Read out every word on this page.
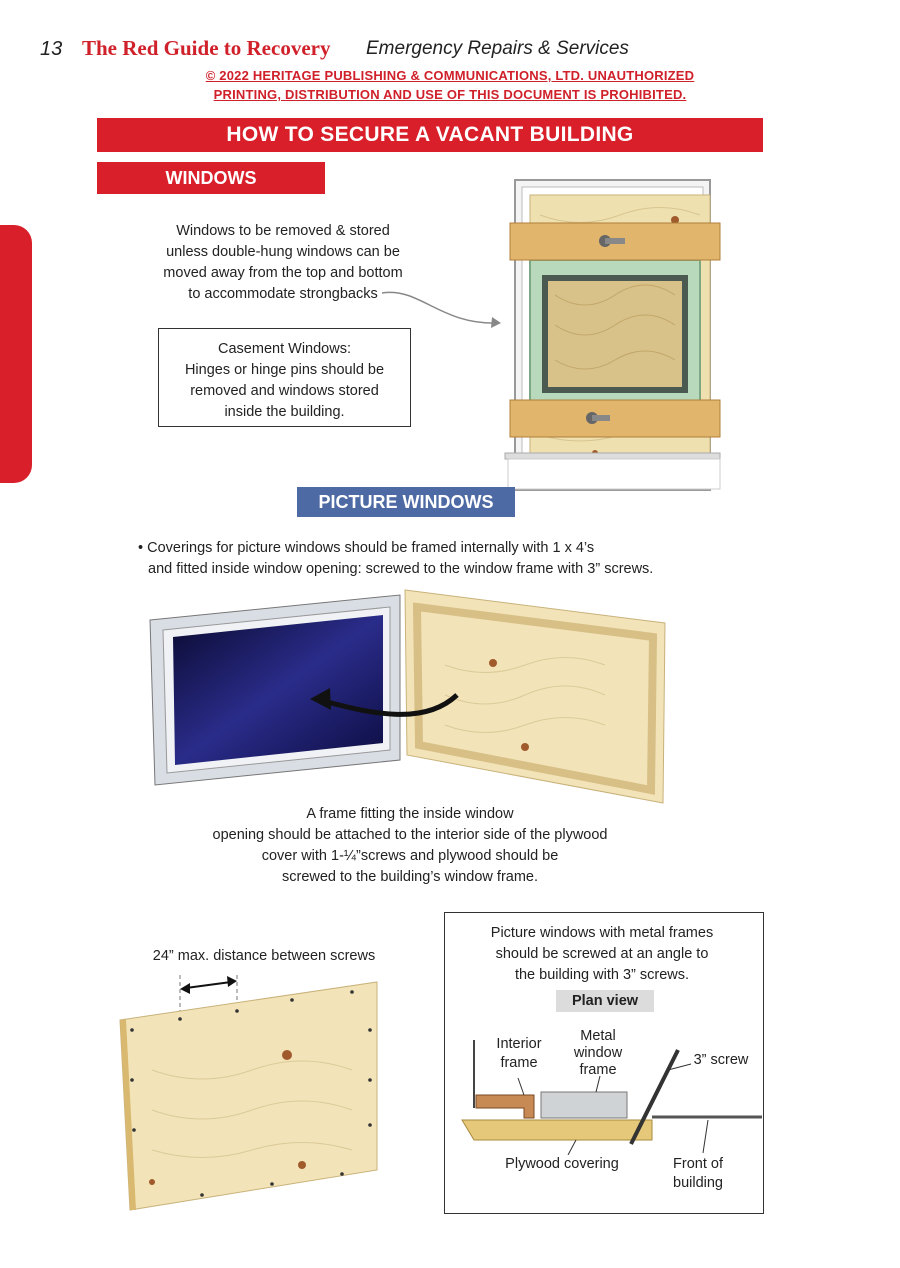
13 The Red Guide to Recovery Emergency Repairs & Services
© 2022 HERITAGE PUBLISHING & COMMUNICATIONS, LTD. UNAUTHORIZED
PRINTING, DISTRIBUTION AND USE OF THIS DOCUMENT IS PROHIBITED.
HOW TO SECURE A VACANT BUILDING
WINDOWS
Windows to be removed & stored
unless double-hung windows can be
moved away from the top and bottom
to accommodate strongbacks
Casement Windows:
Hinges or hinge pins should be
removed and windows stored
inside the building.
PICTURE WINDOWS
• Coverings for picture windows should be framed internally with 1 x 4’s
and fitted inside window opening: screwed to the window frame with 3” screws.
A frame fitting the inside window
opening should be attached to the interior side of the plywood
cover with 1-¼”screws and plywood should be
screwed to the building’s window frame.
24” max. distance between screws
Picture windows with metal frames
should be screwed at an angle to
the building with 3” screws.
Plan view
Interior
frame
Metal
window
frame
3” screw
Plywood covering	Front of
building
